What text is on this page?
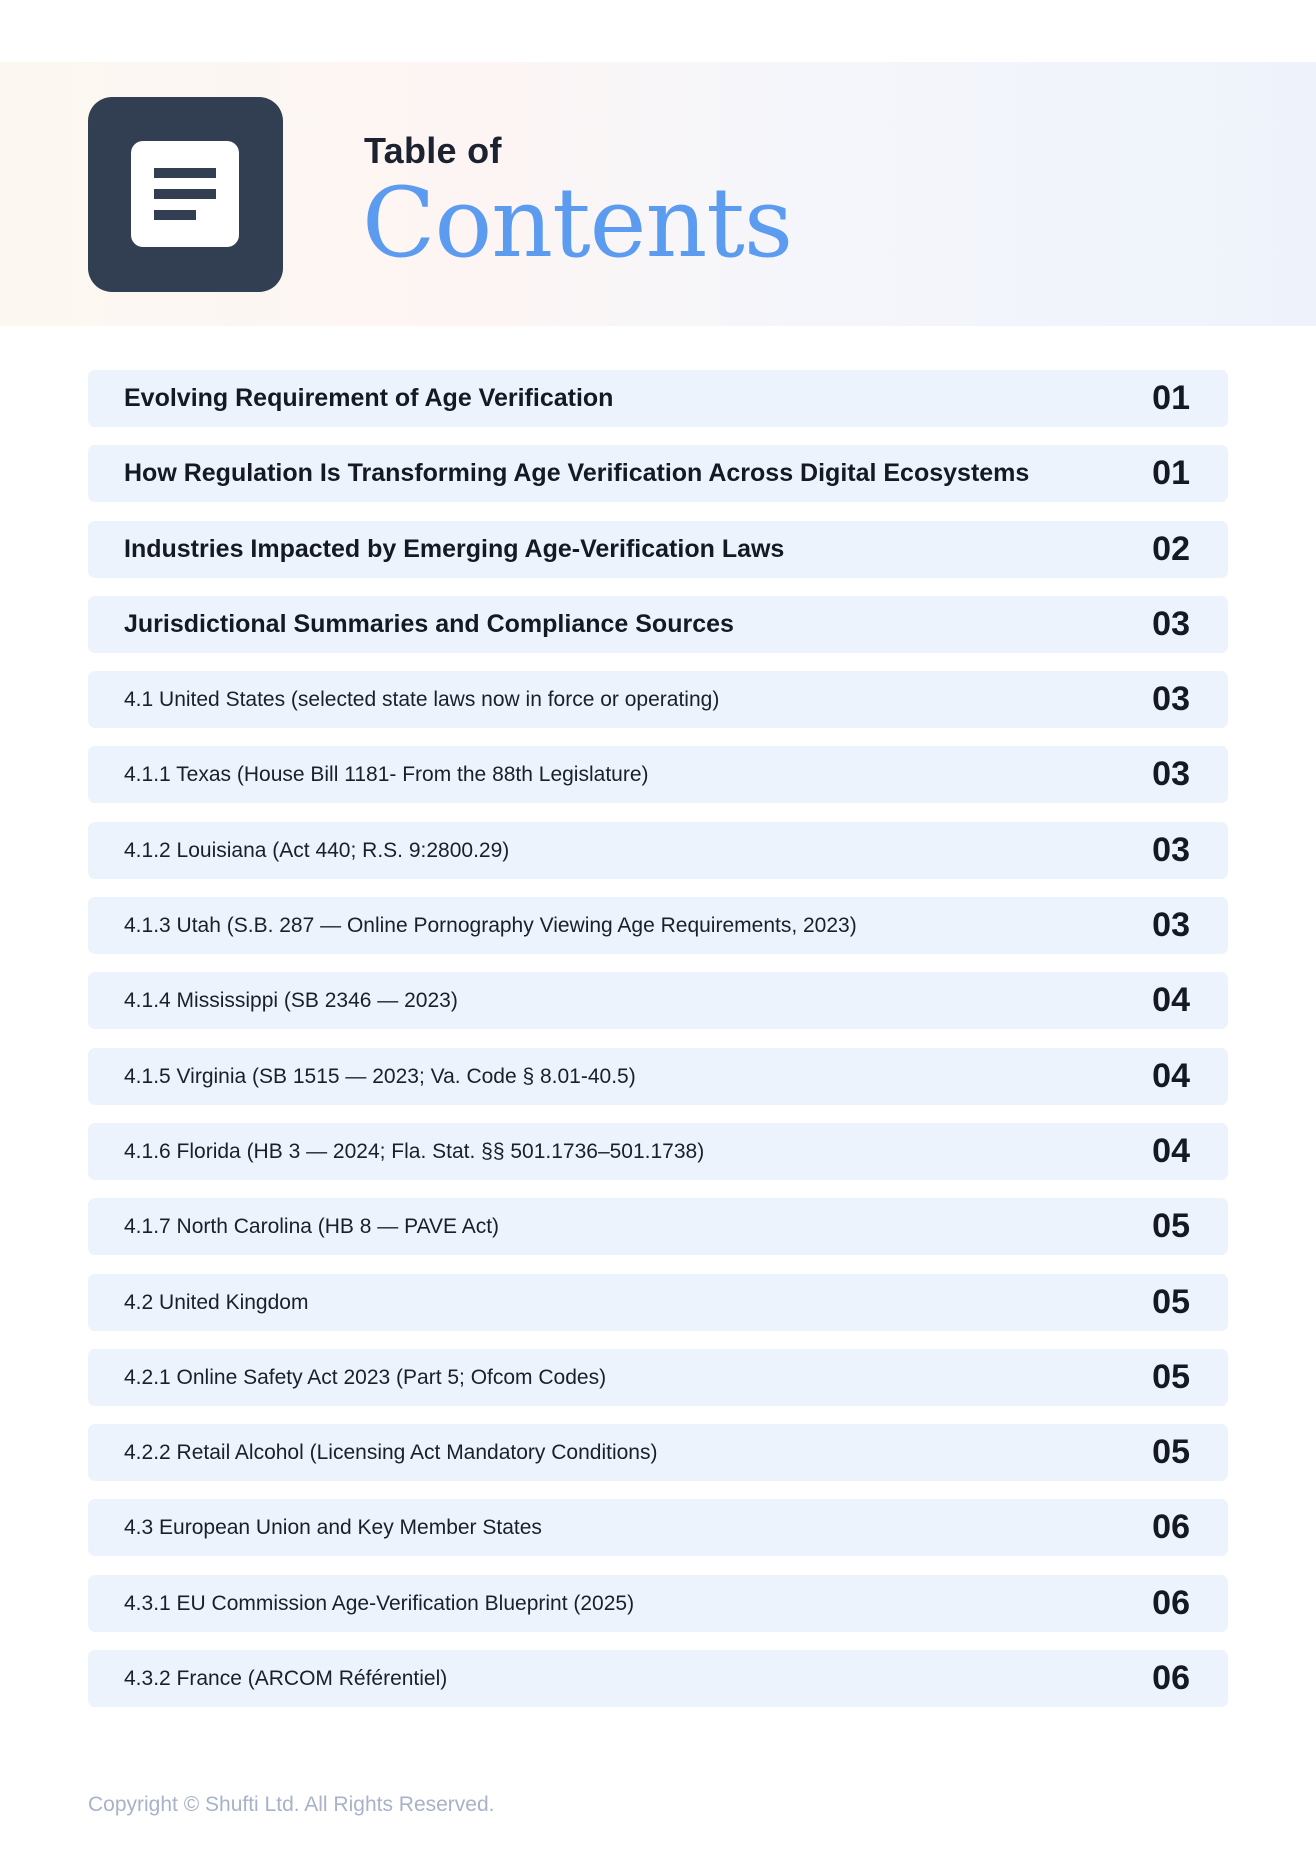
Table of
Contents
Evolving Requirement of Age Verification	01
How Regulation Is Transforming Age Verification Across Digital Ecosystems	01
Industries Impacted by Emerging Age-Verification Laws	02
Jurisdictional Summaries and Compliance Sources	03
4.1 United States (selected state laws now in force or operating)	03
4.1.1 Texas (House Bill 1181- From the 88th Legislature)	03
4.1.2 Louisiana (Act 440; R.S. 9:2800.29)	03
4.1.3 Utah (S.B. 287 — Online Pornography Viewing Age Requirements, 2023)	03
4.1.4 Mississippi (SB 2346 — 2023)	04
4.1.5 Virginia (SB 1515 — 2023; Va. Code § 8.01-40.5)	04
4.1.6 Florida (HB 3 — 2024; Fla. Stat. §§ 501.1736–501.1738)	04
4.1.7 North Carolina (HB 8 — PAVE Act)	05
4.2 United Kingdom	05
4.2.1 Online Safety Act 2023 (Part 5; Ofcom Codes)	05
4.2.2 Retail Alcohol (Licensing Act Mandatory Conditions)	05
4.3 European Union and Key Member States	06
4.3.1 EU Commission Age-Verification Blueprint (2025)	06
4.3.2 France (ARCOM Référentiel)	06
Copyright © Shufti Ltd. All Rights Reserved.
